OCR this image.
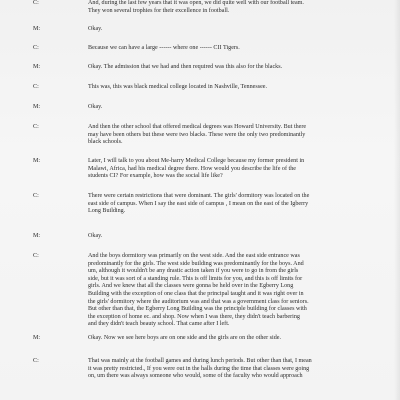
C:	And, during the last few years that it was open, we did quite well with our football team.
They won several trophies for their excellence in football.
M:	Okay.
C:	Because we can have a large ------ where one ------ CII Tigers.
M:	Okay. The admission that we had and then required was this also for the blacks.
C:	This was, this was black medical college located in Nashville, Tennessee.
M:	Okay.
C:	And then the other school that offered medical degrees was Howard University. But there
may have been others but these were two blacks. These were the only two predominantly
black schools.
M:	Later, I will talk to you about Me-harry Medical College because my former president in
Malawi, Africa, had his medical degree there. How would you describe the life of the
students CI? For example, how was the social life like?
C:	There were certain restrictions that were dominant. The girls' dormitory was located on the
east side of campus. When I say the east side of campus , I mean on the east of the Igberry
Long Building.
M:	Okay.
C:	And the boys dormitory was primarily on the west side. And the east side entrance was
predominantly for the girls. The west side building was predominantly for the boys. And
um, although it wouldn't be any drastic action taken if you were to go in from the girls
side, but it was sort of a standing rule. This is off limits for you, and this is off limits for
girls. And we knew that all the classes were gonna be held over in the Egberry Long
Building with the exception of one class that the principal taught and it was right over in
the girls' dormitory where the auditorium was and that was a government class for seniors.
But other than that, the Egberry Long Building was the principle building for classes with
the exception of home ec. and shop. Now when I was there, they didn't teach barbering
and they didn't teach beauty school. That came after I left.
M:	Okay. Now we see here boys are on one side and the girls are on the other side.
C:	That was mainly at the football games and during lunch periods. But other than that, I mean
it was pretty restricted., If you were out in the halls during the time that classes were going
on, um there was always someone who would, some of the faculty who would approach
